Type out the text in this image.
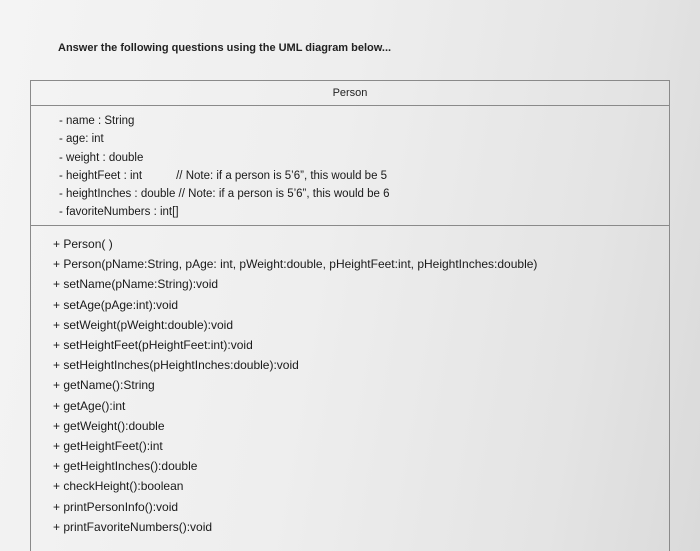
Answer the following questions using the UML diagram below...
Person
- name : String
- age: int
- weight : double
- heightFeet : int	// Note: if a person is 5’6”, this would be 5
- heightInches : double // Note: if a person is 5’6”, this would be 6
- favoriteNumbers : int[]
+ Person( )
+ Person(pName:String, pAge: int, pWeight:double, pHeightFeet:int, pHeightInches:double)
+ setName(pName:String):void
+ setAge(pAge:int):void
+ setWeight(pWeight:double):void
+ setHeightFeet(pHeightFeet:int):void
+ setHeightInches(pHeightInches:double):void
+ getName():String
+ getAge():int
+ getWeight():double
+ getHeightFeet():int
+ getHeightInches():double
+ checkHeight():boolean
+ printPersonInfo():void
+ printFavoriteNumbers():void
